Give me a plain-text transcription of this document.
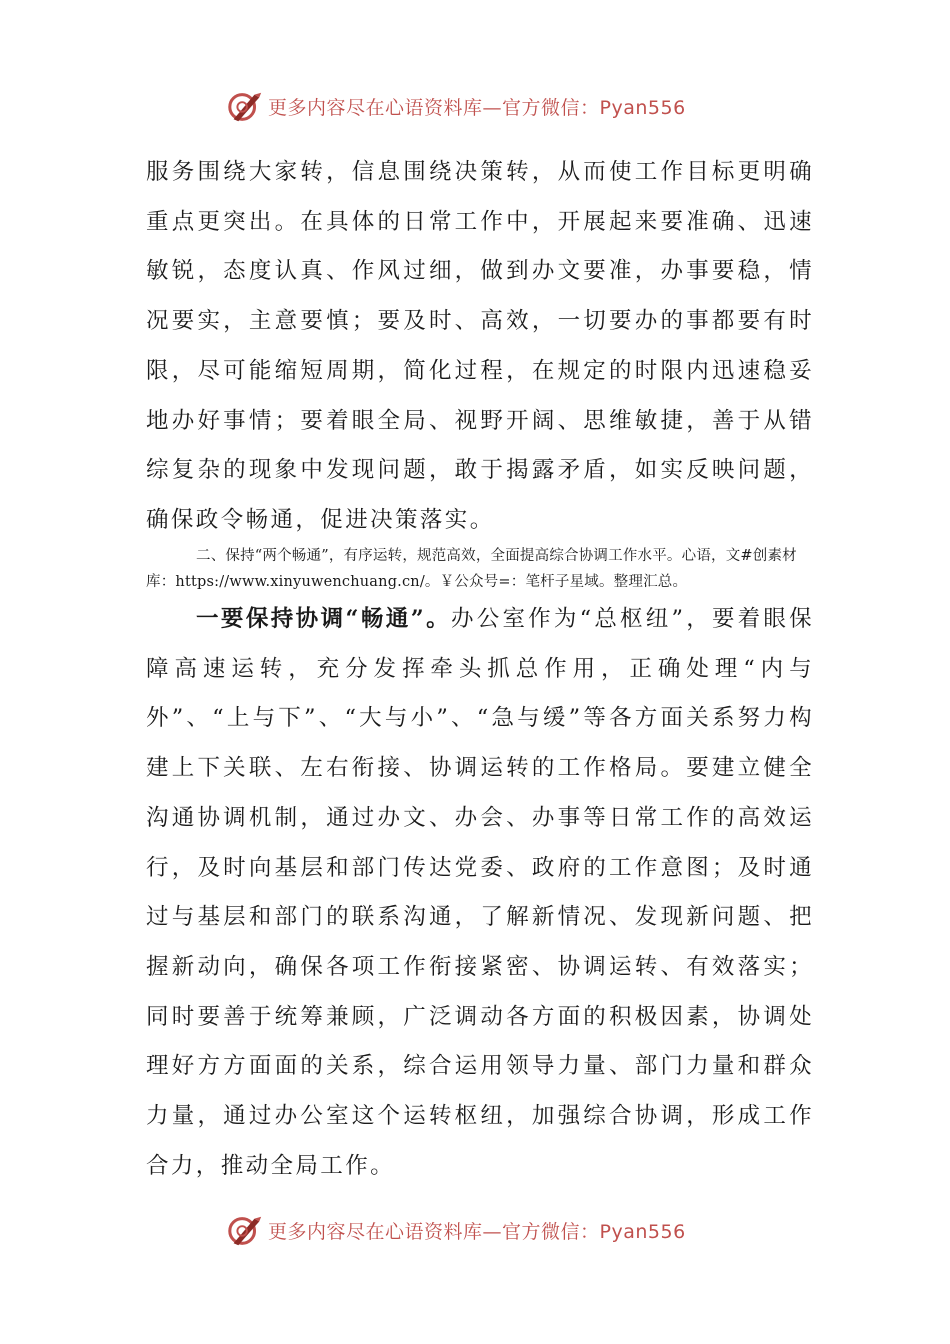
更多内容尽在心语资料库—官方微信：Pyan556

服务围绕大家转，信息围绕决策转，从而使工作目标更明确重点更突出。在具体的日常工作中，开展起来要准确、迅速敏锐，态度认真、作风过细，做到办文要准，办事要稳，情况要实，主意要慎；要及时、高效，一切要办的事都要有时限，尽可能缩短周期，简化过程，在规定的时限内迅速稳妥地办好事情；要着眼全局、视野开阔、思维敏捷，善于从错综复杂的现象中发现问题，敢于揭露矛盾，如实反映问题，确保政令畅通，促进决策落实。

二、保持“两个畅通”，有序运转，规范高效，全面提高综合协调工作水平。心语，文#创素材库：https://www.xinyuwenchuang.cn/。￥公众号=：笔杆子星域。整理汇总。

一要保持协调“畅通”。办公室作为“总枢纽”，要着眼保障高速运转，充分发挥牵头抓总作用，正确处理“内与外”、“上与下”、“大与小”、“急与缓”等各方面关系努力构建上下关联、左右衔接、协调运转的工作格局。要建立健全沟通协调机制，通过办文、办会、办事等日常工作的高效运行，及时向基层和部门传达党委、政府的工作意图；及时通过与基层和部门的联系沟通，了解新情况、发现新问题、把握新动向，确保各项工作衔接紧密、协调运转、有效落实；同时要善于统筹兼顾，广泛调动各方面的积极因素，协调处理好方方面面的关系，综合运用领导力量、部门力量和群众力量，通过办公室这个运转枢纽，加强综合协调，形成工作合力，推动全局工作。

更多内容尽在心语资料库—官方微信：Pyan556
